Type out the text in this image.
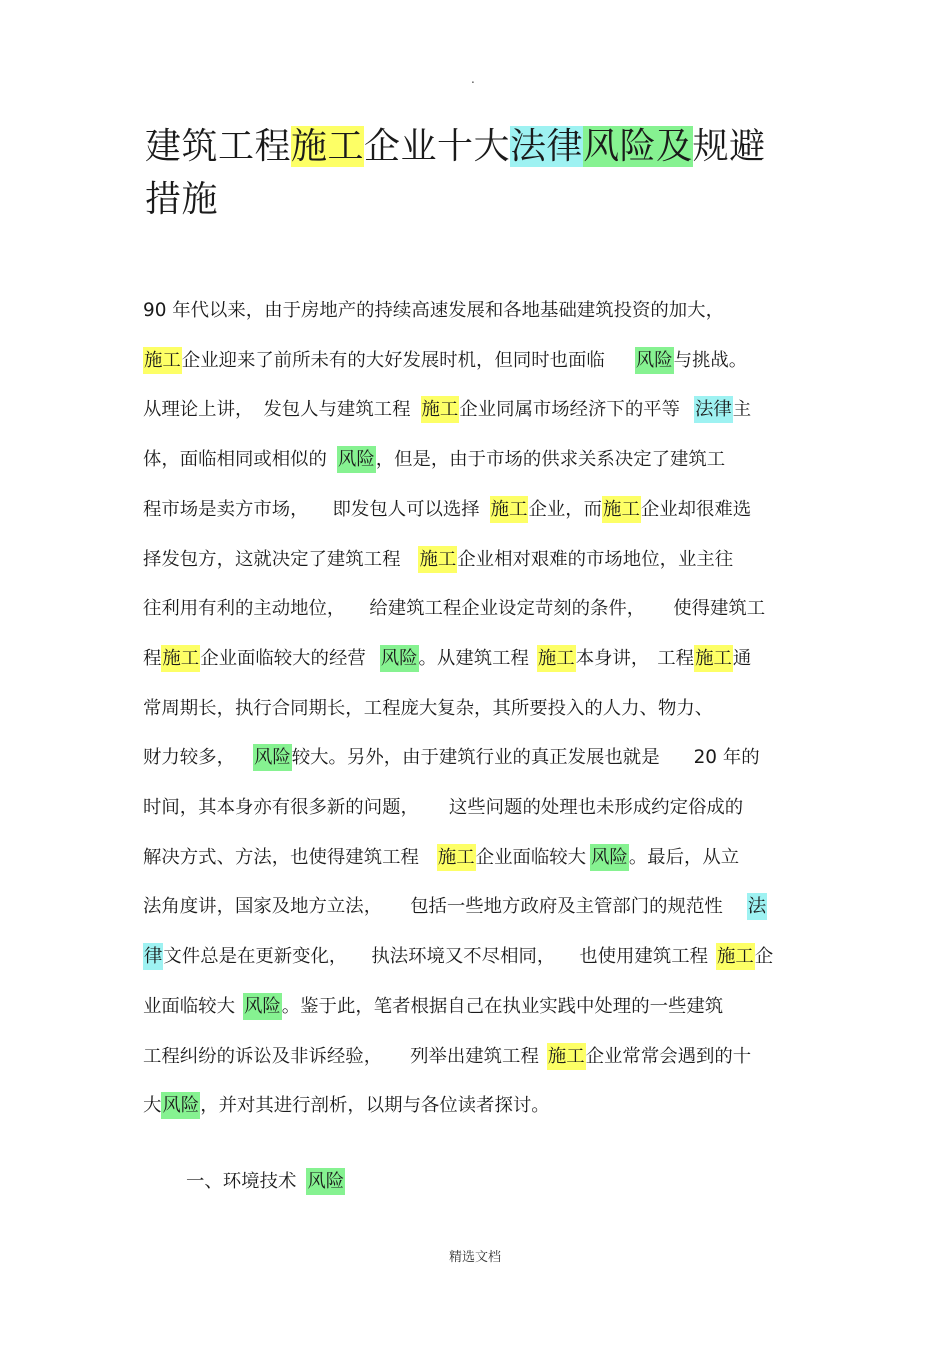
.
建筑工程施工企业十大法律风险及规避
措施
90 年代以来，由于房地产的持续高速发展和各地基础建筑投资的加大，
施工企业迎来了前所未有的大好发展时机，但同时也面临 风险与挑战。
从理论上讲， 发包人与建筑工程 施工企业同属市场经济下的平等 法律主
体，面临相同或相似的 风险，但是，由于市场的供求关系决定了建筑工
程市场是卖方市场， 即发包人可以选择 施工企业，而施工企业却很难选
择发包方，这就决定了建筑工程 施工企业相对艰难的市场地位，业主往
往利用有利的主动地位， 给建筑工程企业设定苛刻的条件， 使得建筑工
程施工企业面临较大的经营 风险。从建筑工程 施工本身讲， 工程施工通
常周期长，执行合同期长，工程庞大复杂，其所要投入的人力、物力、
财力较多， 风险较大。另外，由于建筑行业的真正发展也就是 20 年的
时间，其本身亦有很多新的问题， 这些问题的处理也未形成约定俗成的
解决方式、方法，也使得建筑工程 施工企业面临较大 风险。最后，从立
法角度讲，国家及地方立法， 包括一些地方政府及主管部门的规范性 法
律文件总是在更新变化， 执法环境又不尽相同， 也使用建筑工程 施工企
业面临较大 风险。鉴于此，笔者根据自己在执业实践中处理的一些建筑
工程纠纷的诉讼及非诉经验， 列举出建筑工程 施工企业常常会遇到的十
大风险，并对其进行剖析，以期与各位读者探讨。
一、环境技术 风险
精选文档
